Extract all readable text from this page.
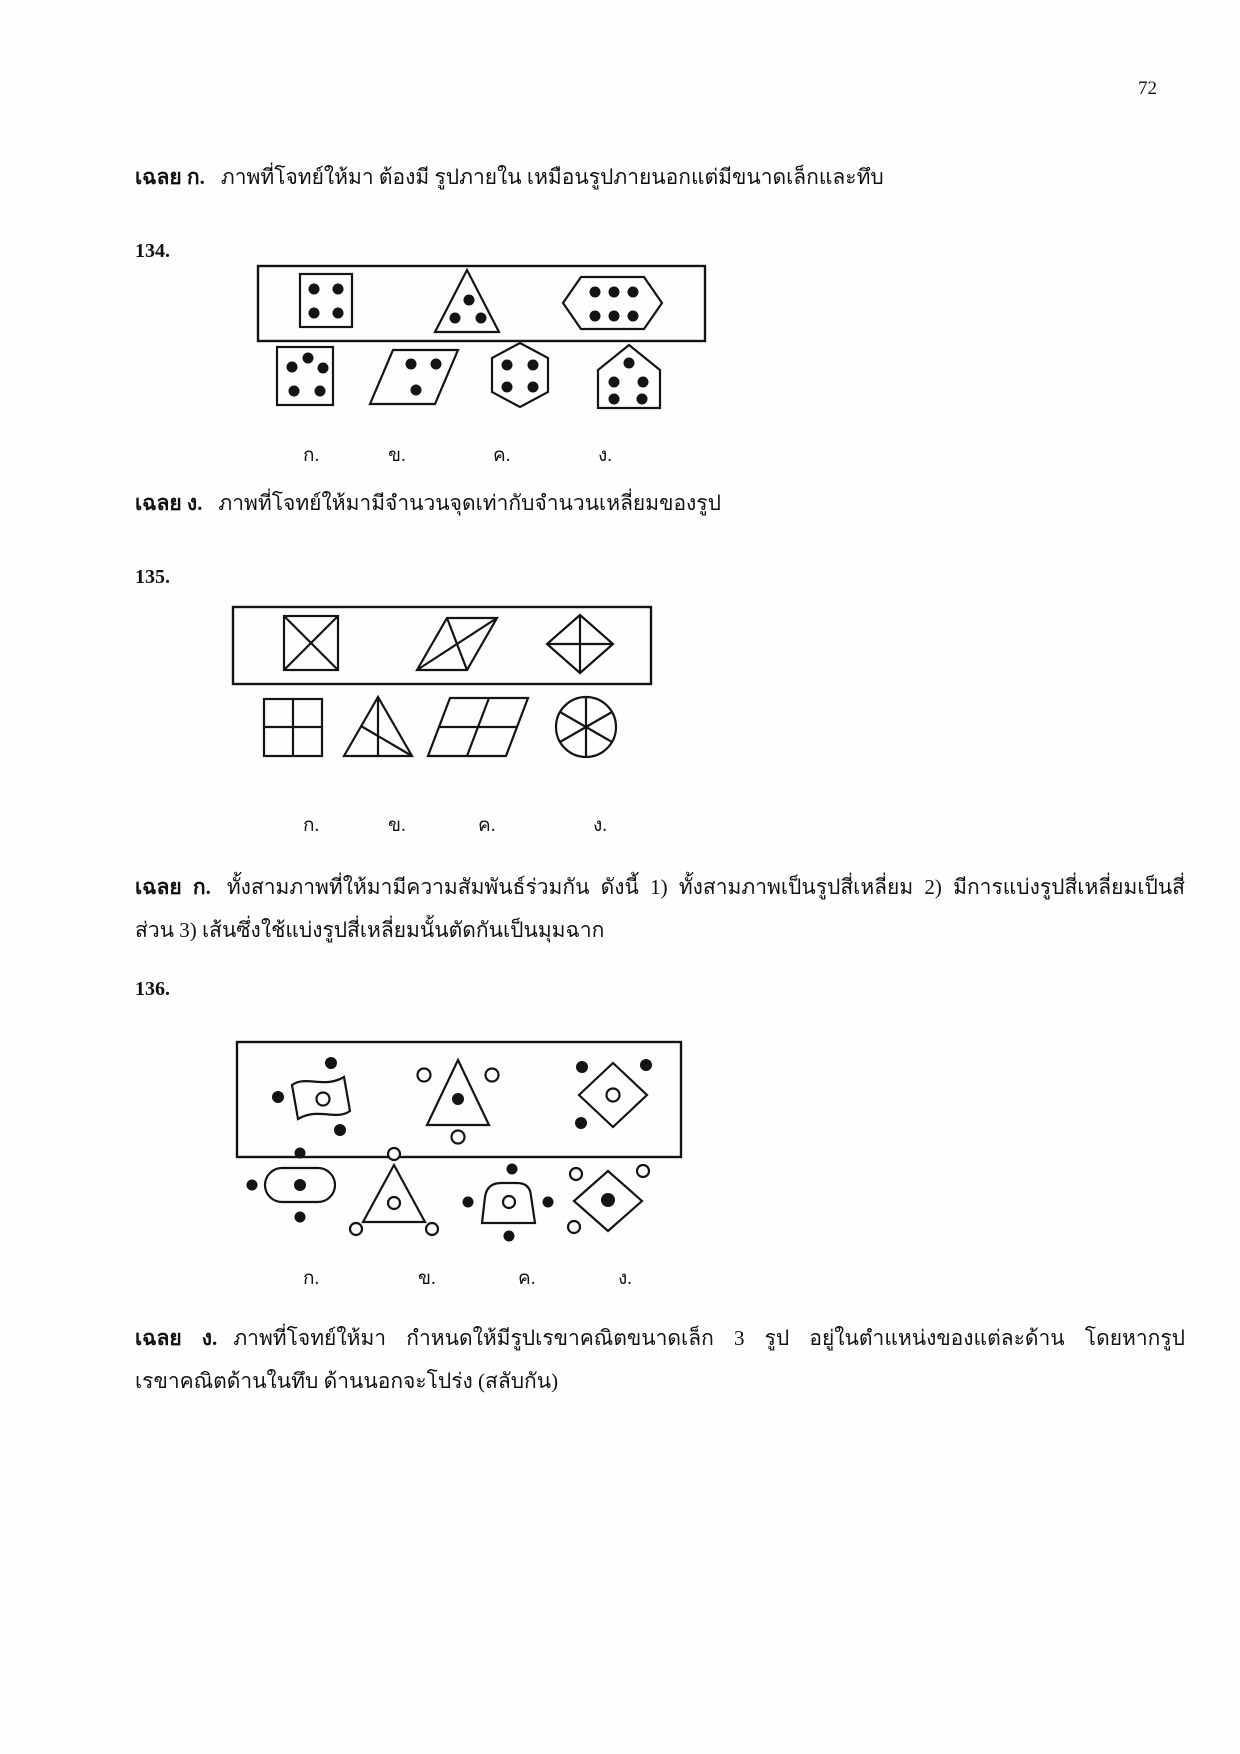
72

เฉลย ก. ภาพที่โจทย์ให้มา ต้องมี รูปภายใน เหมือนรูปภายนอกแต่มีขนาดเล็กและทึบ

134.
ก.	ข.	ค.	ง.

เฉลย ง. ภาพที่โจทย์ให้มามีจำนวนจุดเท่ากับจำนวนเหลี่ยมของรูป

135.
ก.	ข.	ค.	ง.

เฉลย ก. ทั้งสามภาพที่ให้มามีความสัมพันธ์ร่วมกัน ดังนี้ 1) ทั้งสามภาพเป็นรูปสี่เหลี่ยม 2) มีการแบ่งรูปสี่เหลี่ยมเป็นสี่ส่วน 3) เส้นซึ่งใช้แบ่งรูปสี่เหลี่ยมนั้นตัดกันเป็นมุมฉาก

136.
ก.	ข.	ค.	ง.

เฉลย ง. ภาพที่โจทย์ให้มา กำหนดให้มีรูปเรขาคณิตขนาดเล็ก 3 รูป อยู่ในตำแหน่งของแต่ละด้าน โดยหากรูปเรขาคณิตด้านในทึบ ด้านนอกจะโปร่ง (สลับกัน)
